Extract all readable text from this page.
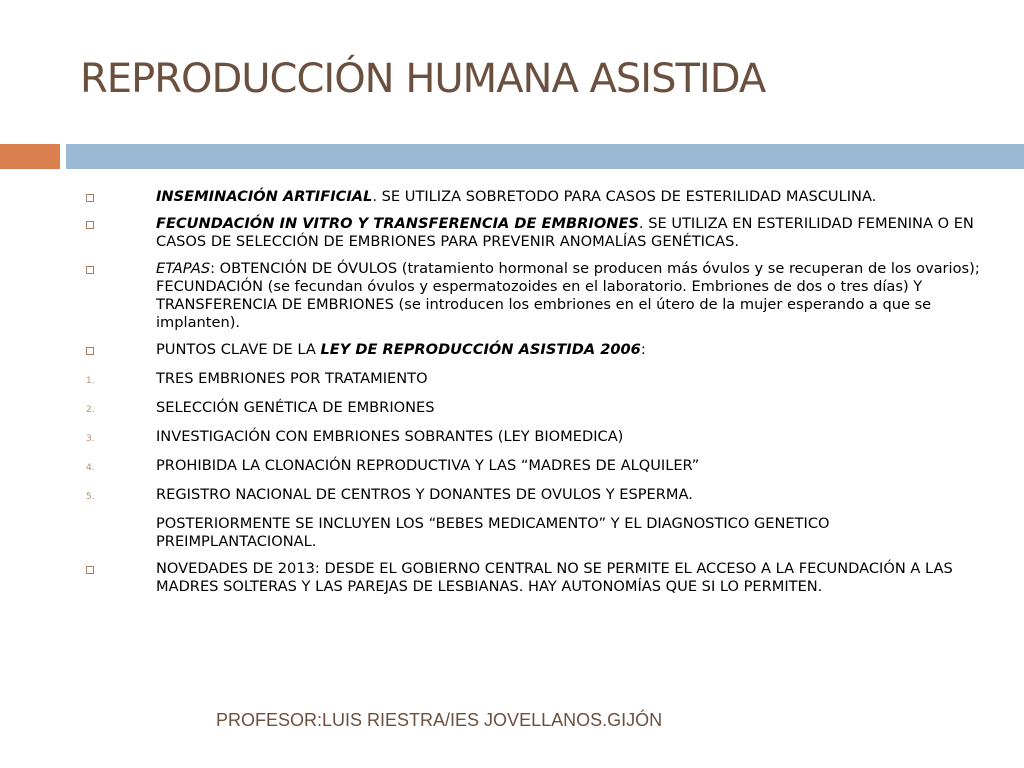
REPRODUCCIÓN HUMANA ASISTIDA
INSEMINACIÓN ARTIFICIAL. SE UTILIZA SOBRETODO PARA CASOS DE ESTERILIDAD MASCULINA.
FECUNDACIÓN IN VITRO Y TRANSFERENCIA DE EMBRIONES. SE UTILIZA EN ESTERILIDAD FEMENINA O EN CASOS DE SELECCIÓN DE EMBRIONES PARA PREVENIR ANOMALÍAS GENÉTICAS.
ETAPAS: OBTENCIÓN DE ÓVULOS (tratamiento hormonal se producen más óvulos y se recuperan de los ovarios); FECUNDACIÓN (se fecundan óvulos y espermatozoides en el laboratorio. Embriones de dos o tres días) Y TRANSFERENCIA DE EMBRIONES (se introducen los embriones en el útero de la mujer esperando a que se implanten).
PUNTOS CLAVE DE LA LEY DE REPRODUCCIÓN ASISTIDA 2006:
1.	TRES EMBRIONES POR TRATAMIENTO
2.	SELECCIÓN GENÉTICA DE EMBRIONES
3.	INVESTIGACIÓN CON EMBRIONES SOBRANTES (LEY BIOMEDICA)
4.	PROHIBIDA LA CLONACIÓN REPRODUCTIVA Y LAS “MADRES DE ALQUILER”
5.	REGISTRO NACIONAL DE CENTROS Y DONANTES DE OVULOS Y ESPERMA.
POSTERIORMENTE SE INCLUYEN LOS “BEBES MEDICAMENTO” Y EL DIAGNOSTICO GENETICO PREIMPLANTACIONAL.
NOVEDADES DE 2013: DESDE EL GOBIERNO CENTRAL NO SE PERMITE EL ACCESO A LA FECUNDACIÓN A LAS MADRES SOLTERAS Y LAS PAREJAS DE LESBIANAS. HAY AUTONOMÍAS QUE SI LO PERMITEN.
PROFESOR:LUIS RIESTRA/IES JOVELLANOS.GIJÓN
